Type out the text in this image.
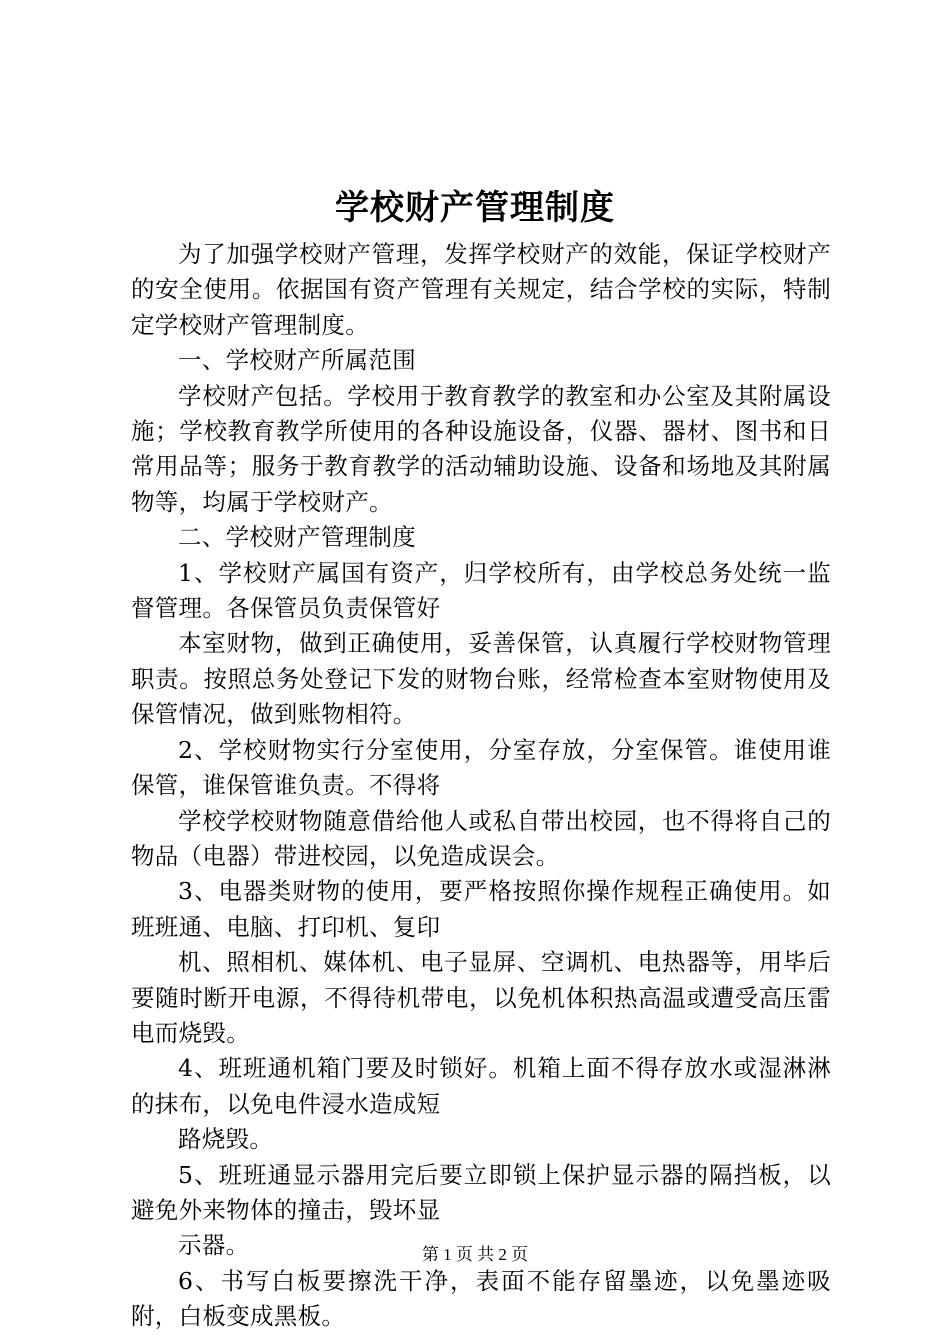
学校财产管理制度

为了加强学校财产管理，发挥学校财产的效能，保证学校财产的安全使用。依据国有资产管理有关规定，结合学校的实际，特制定学校财产管理制度。

一、学校财产所属范围

学校财产包括。学校用于教育教学的教室和办公室及其附属设施；学校教育教学所使用的各种设施设备，仪器、器材、图书和日常用品等；服务于教育教学的活动辅助设施、设备和场地及其附属物等，均属于学校财产。

二、学校财产管理制度

1、学校财产属国有资产，归学校所有，由学校总务处统一监督管理。各保管员负责保管好

本室财物，做到正确使用，妥善保管，认真履行学校财物管理职责。按照总务处登记下发的财物台账，经常检查本室财物使用及保管情况，做到账物相符。

2、学校财物实行分室使用，分室存放，分室保管。谁使用谁保管，谁保管谁负责。不得将

学校学校财物随意借给他人或私自带出校园，也不得将自己的物品（电器）带进校园，以免造成误会。

3、电器类财物的使用，要严格按照你操作规程正确使用。如班班通、电脑、打印机、复印

机、照相机、媒体机、电子显屏、空调机、电热器等，用毕后要随时断开电源，不得待机带电，以免机体积热高温或遭受高压雷电而烧毁。

4、班班通机箱门要及时锁好。机箱上面不得存放水或湿淋淋的抹布，以免电件浸水造成短

路烧毁。

5、班班通显示器用完后要立即锁上保护显示器的隔挡板，以避免外来物体的撞击，毁坏显

示器。

6、书写白板要擦洗干净，表面不能存留墨迹，以免墨迹吸附，白板变成黑板。

第 1 页 共 2 页
